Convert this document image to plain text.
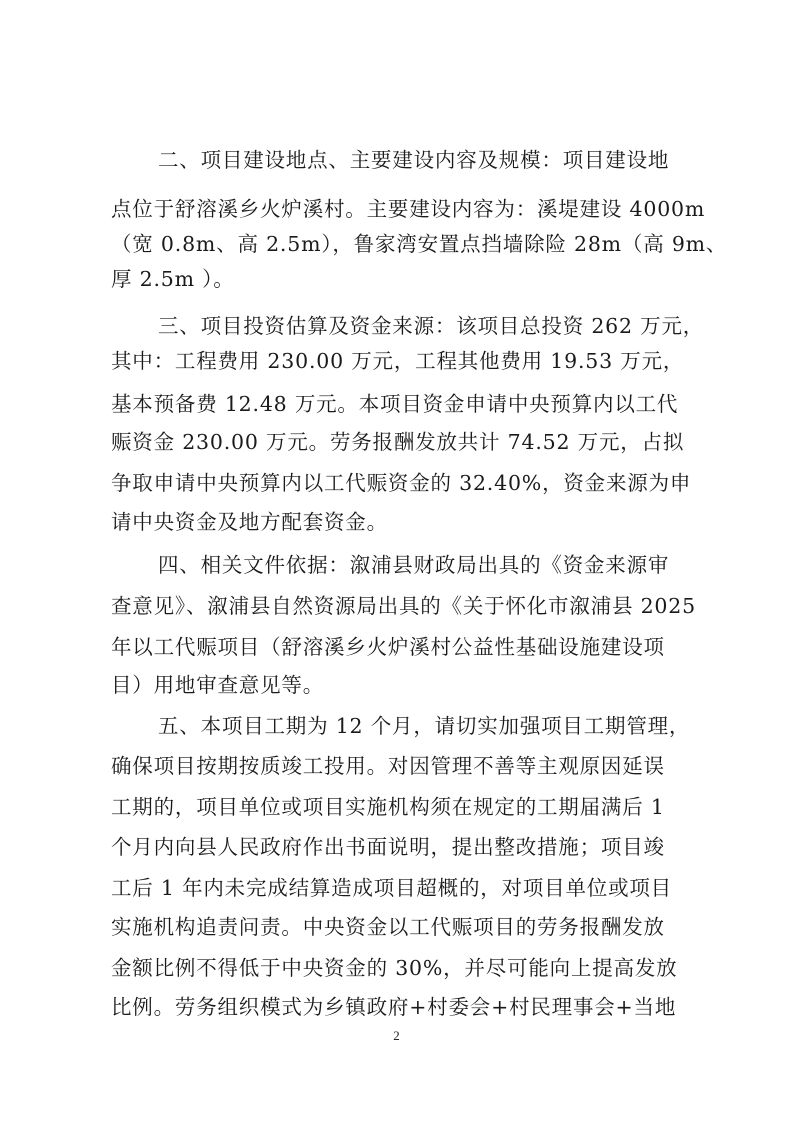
二、项目建设地点、主要建设内容及规模：项目建设地
点位于舒溶溪乡火炉溪村。主要建设内容为：溪堤建设 4000m
（宽 0.8m、高 2.5m），鲁家湾安置点挡墙除险 28m（高 9m、
厚 2.5m ）。
三、项目投资估算及资金来源：该项目总投资 262 万元，
其中：工程费用 230.00 万元，工程其他费用 19.53 万元，
基本预备费 12.48 万元。本项目资金申请中央预算内以工代
赈资金 230.00 万元。劳务报酬发放共计 74.52 万元，占拟
争取申请中央预算内以工代赈资金的 32.40%，资金来源为申
请中央资金及地方配套资金。
四、相关文件依据：溆浦县财政局出具的《资金来源审
查意见》、溆浦县自然资源局出具的《关于怀化市溆浦县 2025
年以工代赈项目（舒溶溪乡火炉溪村公益性基础设施建设项
目）用地审查意见等。
五、本项目工期为 12 个月，请切实加强项目工期管理，
确保项目按期按质竣工投用。对因管理不善等主观原因延误
工期的，项目单位或项目实施机构须在规定的工期届满后 1
个月内向县人民政府作出书面说明，提出整改措施；项目竣
工后 1 年内未完成结算造成项目超概的，对项目单位或项目
实施机构追责问责。中央资金以工代赈项目的劳务报酬发放
金额比例不得低于中央资金的 30%，并尽可能向上提高发放
比例。劳务组织模式为乡镇政府+村委会+村民理事会+当地
2
